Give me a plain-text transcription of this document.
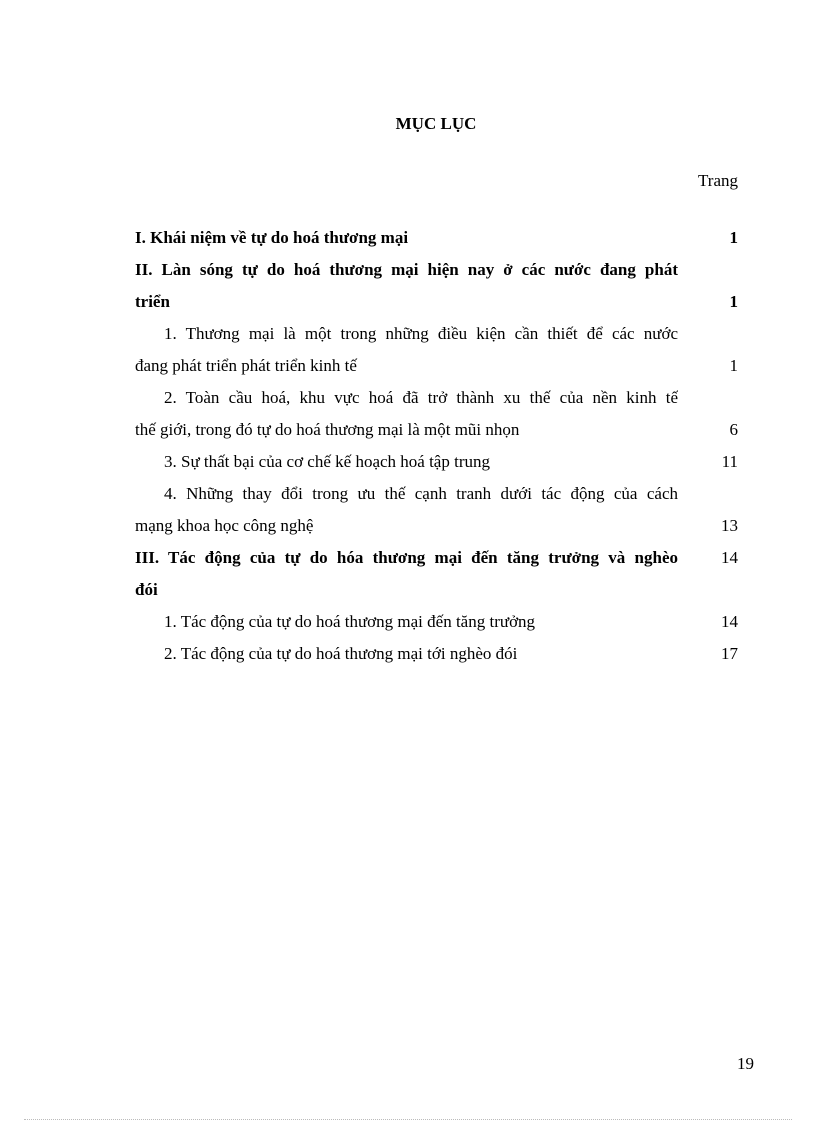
MỤC LỤC
Trang
I. Khái niệm về tự do hoá thương mại	1
II. Làn sóng tự do hoá thương mại hiện nay ở các nước đang phát
triển	1
1. Thương mại là một trong những điều kiện cần thiết để các nước
đang phát triển phát triển kinh tế	1
2. Toàn cầu hoá, khu vực hoá đã trở thành xu thế của nền kinh tế
thế giới, trong đó tự do hoá thương mại là một mũi nhọn	6
3. Sự thất bại của cơ chế kế hoạch hoá tập trung	11
4. Những thay đổi trong ưu thế cạnh tranh dưới tác động của cách
mạng khoa học công nghệ	13
III. Tác động của tự do hóa thương mại đến tăng trưởng và nghèo	14
đói
1. Tác động của tự do hoá thương mại đến tăng trưởng	14
2. Tác động của tự do hoá thương mại tới nghèo đói	17
19
